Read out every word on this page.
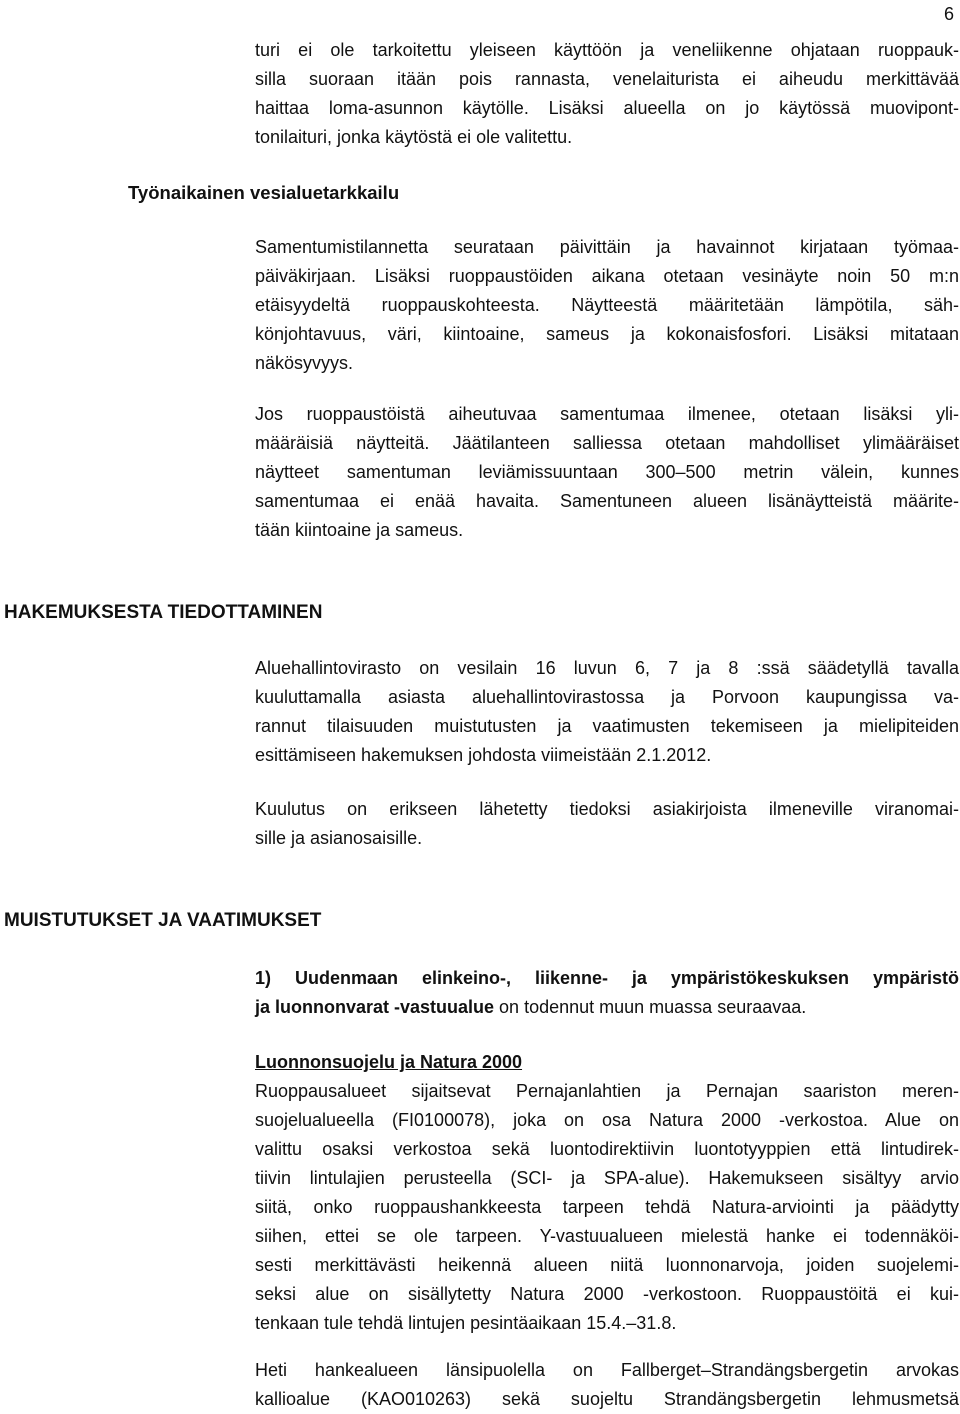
6

turi ei ole tarkoitettu yleiseen käyttöön ja veneliikenne ohjataan ruoppauk-
silla suoraan itään pois rannasta, venelaiturista ei aiheudu merkittävää
haittaa loma-asunnon käytölle. Lisäksi alueella on jo käytössä muovipont-
tonilaituri, jonka käytöstä ei ole valitettu.

Työnaikainen vesialuetarkkailu

Samentumistilannetta seurataan päivittäin ja havainnot kirjataan työmaa-
päiväkirjaan. Lisäksi ruoppaustöiden aikana otetaan vesinäyte noin 50 m:n
etäisyydeltä ruoppauskohteesta. Näytteestä määritetään lämpötila, säh-
könjohtavuus, väri, kiintoaine, sameus ja kokonaisfosfori. Lisäksi mitataan
näkösyvyys.

Jos ruoppaustöistä aiheutuvaa samentumaa ilmenee, otetaan lisäksi yli-
määräisiä näytteitä. Jäätilanteen salliessa otetaan mahdolliset ylimääräiset
näytteet samentuman leviämissuuntaan 300–500 metrin välein, kunnes
samentumaa ei enää havaita. Samentuneen alueen lisänäytteistä määrite-
tään kiintoaine ja sameus.

HAKEMUKSESTA TIEDOTTAMINEN

Aluehallintovirasto on vesilain 16 luvun 6, 7 ja 8 :ssä säädetyllä tavalla
kuuluttamalla asiasta aluehallintovirastossa ja Porvoon kaupungissa va-
rannut tilaisuuden muistutusten ja vaatimusten tekemiseen ja mielipiteiden
esittämiseen hakemuksen johdosta viimeistään 2.1.2012.

Kuulutus on erikseen lähetetty tiedoksi asiakirjoista ilmeneville viranomai-
sille ja asianosaisille.

MUISTUTUKSET JA VAATIMUKSET

1) Uudenmaan elinkeino-, liikenne- ja ympäristökeskuksen ympäristö
ja luonnonvarat -vastuualue on todennut muun muassa seuraavaa.

Luonnonsuojelu ja Natura 2000
Ruoppausalueet sijaitsevat Pernajanlahtien ja Pernajan saariston meren-
suojelualueella (FI0100078), joka on osa Natura 2000 -verkostoa. Alue on
valittu osaksi verkostoa sekä luontodirektiivin luontotyyppien että lintudirek-
tiivin lintulajien perusteella (SCI- ja SPA-alue). Hakemukseen sisältyy arvio
siitä, onko ruoppaushankkeesta tarpeen tehdä Natura-arviointi ja päädytty
siihen, ettei se ole tarpeen. Y-vastuualueen mielestä hanke ei todennäköi-
sesti merkittävästi heikennä alueen niitä luonnonarvoja, joiden suojelemi-
seksi alue on sisällytetty Natura 2000 -verkostoon. Ruoppaustöitä ei kui-
tenkaan tule tehdä lintujen pesintäaikaan 15.4.–31.8.

Heti hankealueen länsipuolella on Fallberget–Strandängsbergetin arvokas
kallioalue (KAO010263) sekä suojeltu Strandängsbergetin lehmusmetsä
